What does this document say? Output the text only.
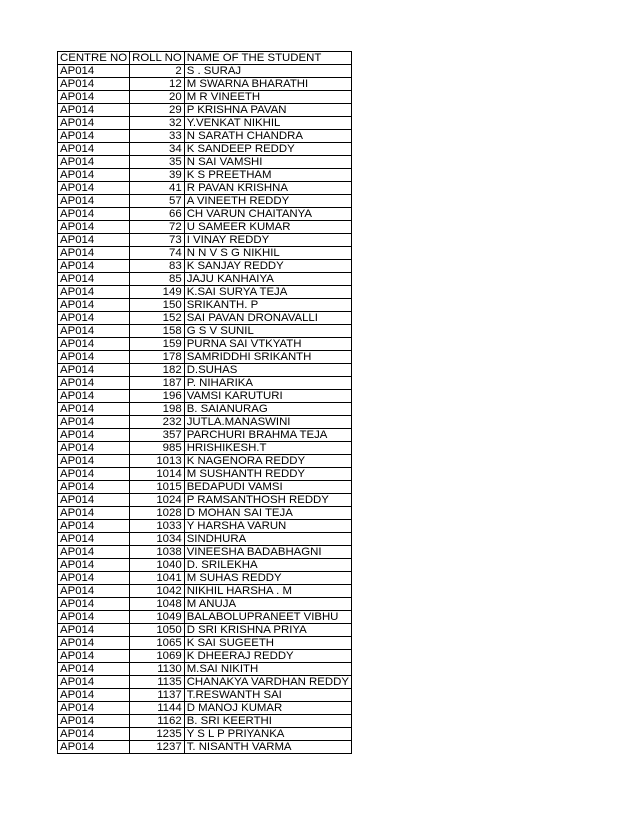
CENTRE NO	ROLL NO	NAME OF THE STUDENT
AP014	2	S . SURAJ
AP014	12	M SWARNA BHARATHI
AP014	20	M R VINEETH
AP014	29	P KRISHNA PAVAN
AP014	32	Y.VENKAT NIKHIL
AP014	33	N SARATH CHANDRA
AP014	34	K SANDEEP REDDY
AP014	35	N SAI VAMSHI
AP014	39	K S PREETHAM
AP014	41	R PAVAN KRISHNA
AP014	57	A VINEETH REDDY
AP014	66	CH VARUN CHAITANYA
AP014	72	U SAMEER KUMAR
AP014	73	I VINAY REDDY
AP014	74	N N V S G NIKHIL
AP014	83	K SANJAY REDDY
AP014	85	JAJU KANHAIYA
AP014	149	K.SAI SURYA TEJA
AP014	150	SRIKANTH. P
AP014	152	SAI PAVAN DRONAVALLI
AP014	158	G S V SUNIL
AP014	159	PURNA SAI VTKYATH
AP014	178	SAMRIDDHI SRIKANTH
AP014	182	D.SUHAS
AP014	187	P. NIHARIKA
AP014	196	VAMSI KARUTURI
AP014	198	B. SAIANURAG
AP014	232	JUTLA.MANASWINI
AP014	357	PARCHURI BRAHMA TEJA
AP014	985	HRISHIKESH.T
AP014	1013	K NAGENORA REDDY
AP014	1014	M SUSHANTH REDDY
AP014	1015	BEDAPUDI VAMSI
AP014	1024	P RAMSANTHOSH REDDY
AP014	1028	D MOHAN SAI TEJA
AP014	1033	Y HARSHA VARUN
AP014	1034	SINDHURA
AP014	1038	VINEESHA BADABHAGNI
AP014	1040	D. SRILEKHA
AP014	1041	M SUHAS REDDY
AP014	1042	NIKHIL HARSHA . M
AP014	1048	M ANUJA
AP014	1049	BALABOLUPRANEET VIBHU
AP014	1050	D SRI KRISHNA PRIYA
AP014	1065	K SAI SUGEETH
AP014	1069	K DHEERAJ REDDY
AP014	1130	M.SAI NIKITH
AP014	1135	CHANAKYA VARDHAN REDDY
AP014	1137	T.RESWANTH SAI
AP014	1144	D MANOJ KUMAR
AP014	1162	B. SRI KEERTHI
AP014	1235	Y S L P PRIYANKA
AP014	1237	T. NISANTH VARMA
